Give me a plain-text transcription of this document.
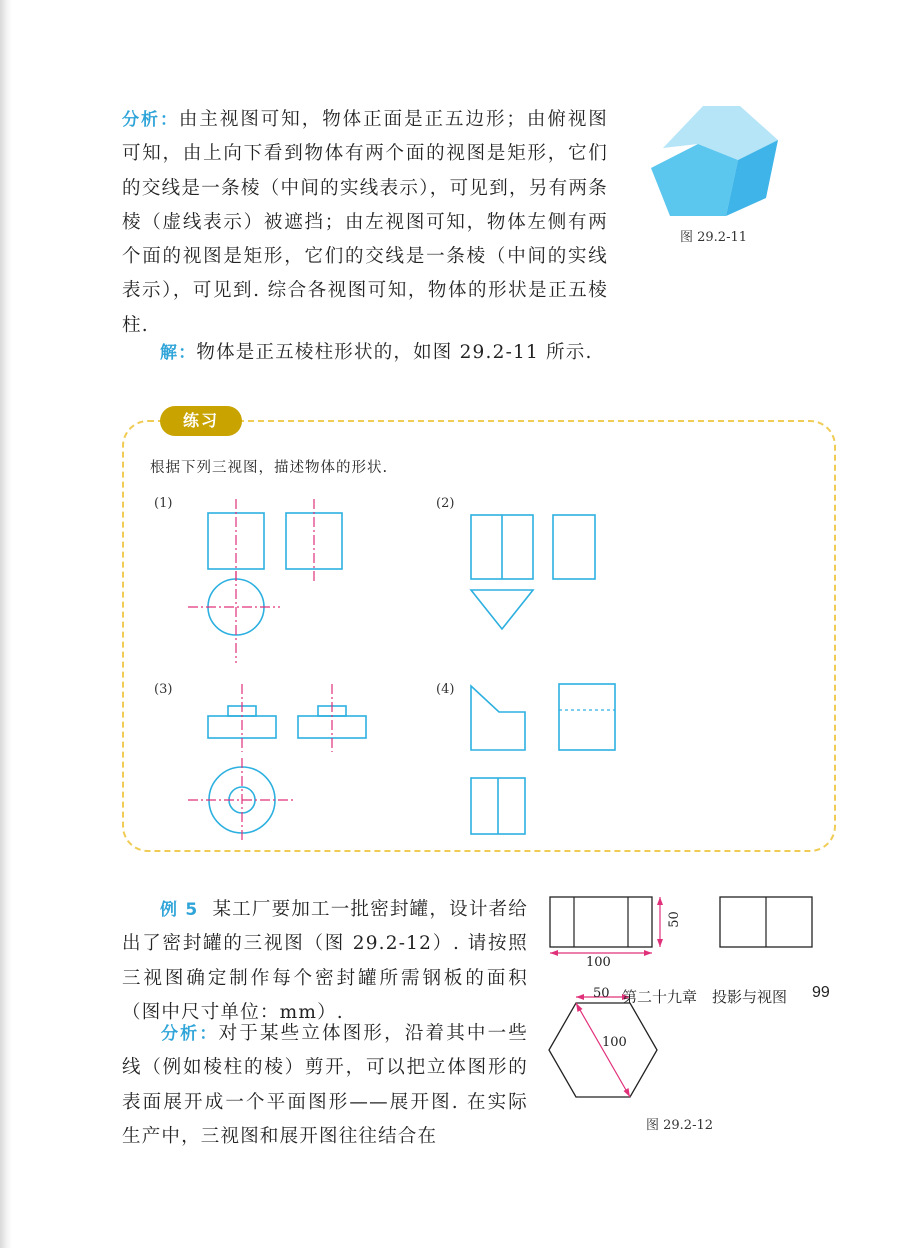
分析：由主视图可知，物体正面是正五边形；由俯视图可知，由上向下看到物体有两个面的视图是矩形，它们的交线是一条棱（中间的实线表示），可见到，另有两条棱（虚线表示）被遮挡；由左视图可知，物体左侧有两个面的视图是矩形，它们的交线是一条棱（中间的实线表示），可见到. 综合各视图可知，物体的形状是正五棱柱.

解：物体是正五棱柱形状的，如图 29.2-11 所示.

图 29.2-11
练习
根据下列三视图，描述物体的形状.
(1)	(2)
(3)	(4)

例 5 某工厂要加工一批密封罐，设计者给出了密封罐的三视图（图 29.2-12）. 请按照三视图确定制作每个密封罐所需钢板的面积（图中尺寸单位：mm）.

分析：对于某些立体图形，沿着其中一些线（例如棱柱的棱）剪开，可以把立体图形的表面展开成一个平面图形——展开图. 在实际生产中，三视图和展开图往往结合在

50
100
50
100
图 29.2-12
第二十九章　投影与视图 99
